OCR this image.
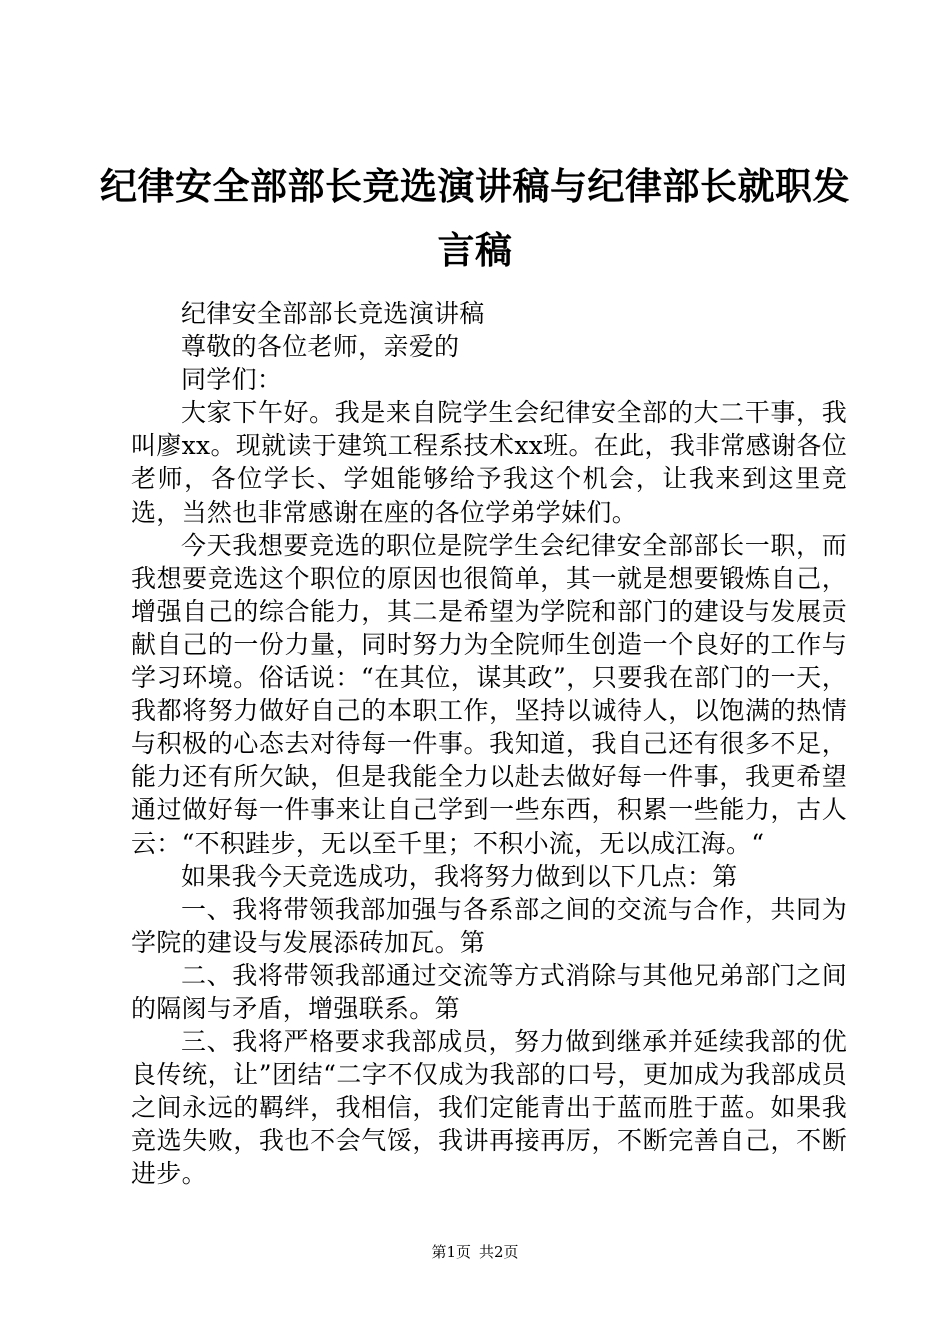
纪律安全部部长竞选演讲稿与纪律部长就职发言稿

纪律安全部部长竞选演讲稿

尊敬的各位老师，亲爱的

同学们：

大家下午好。我是来自院学生会纪律安全部的大二干事，我叫廖xx。现就读于建筑工程系技术xx班。在此，我非常感谢各位老师，各位学长、学姐能够给予我这个机会，让我来到这里竞选，当然也非常感谢在座的各位学弟学妹们。

今天我想要竞选的职位是院学生会纪律安全部部长一职，而我想要竞选这个职位的原因也很简单，其一就是想要锻炼自己，增强自己的综合能力，其二是希望为学院和部门的建设与发展贡献自己的一份力量，同时努力为全院师生创造一个良好的工作与学习环境。俗话说：“在其位，谋其政”，只要我在部门的一天，我都将努力做好自己的本职工作，坚持以诚待人，以饱满的热情与积极的心态去对待每一件事。我知道，我自己还有很多不足，能力还有所欠缺，但是我能全力以赴去做好每一件事，我更希望通过做好每一件事来让自己学到一些东西，积累一些能力，古人云：“不积跬步，无以至千里；不积小流，无以成江海。“

如果我今天竞选成功，我将努力做到以下几点：第

一、我将带领我部加强与各系部之间的交流与合作，共同为学院的建设与发展添砖加瓦。第

二、我将带领我部通过交流等方式消除与其他兄弟部门之间的隔阂与矛盾，增强联系。第

三、我将严格要求我部成员，努力做到继承并延续我部的优良传统，让”团结“二字不仅成为我部的口号，更加成为我部成员之间永远的羁绊，我相信，我们定能青出于蓝而胜于蓝。如果我竞选失败，我也不会气馁，我讲再接再厉，不断完善自己，不断进步。

第1页 共2页
